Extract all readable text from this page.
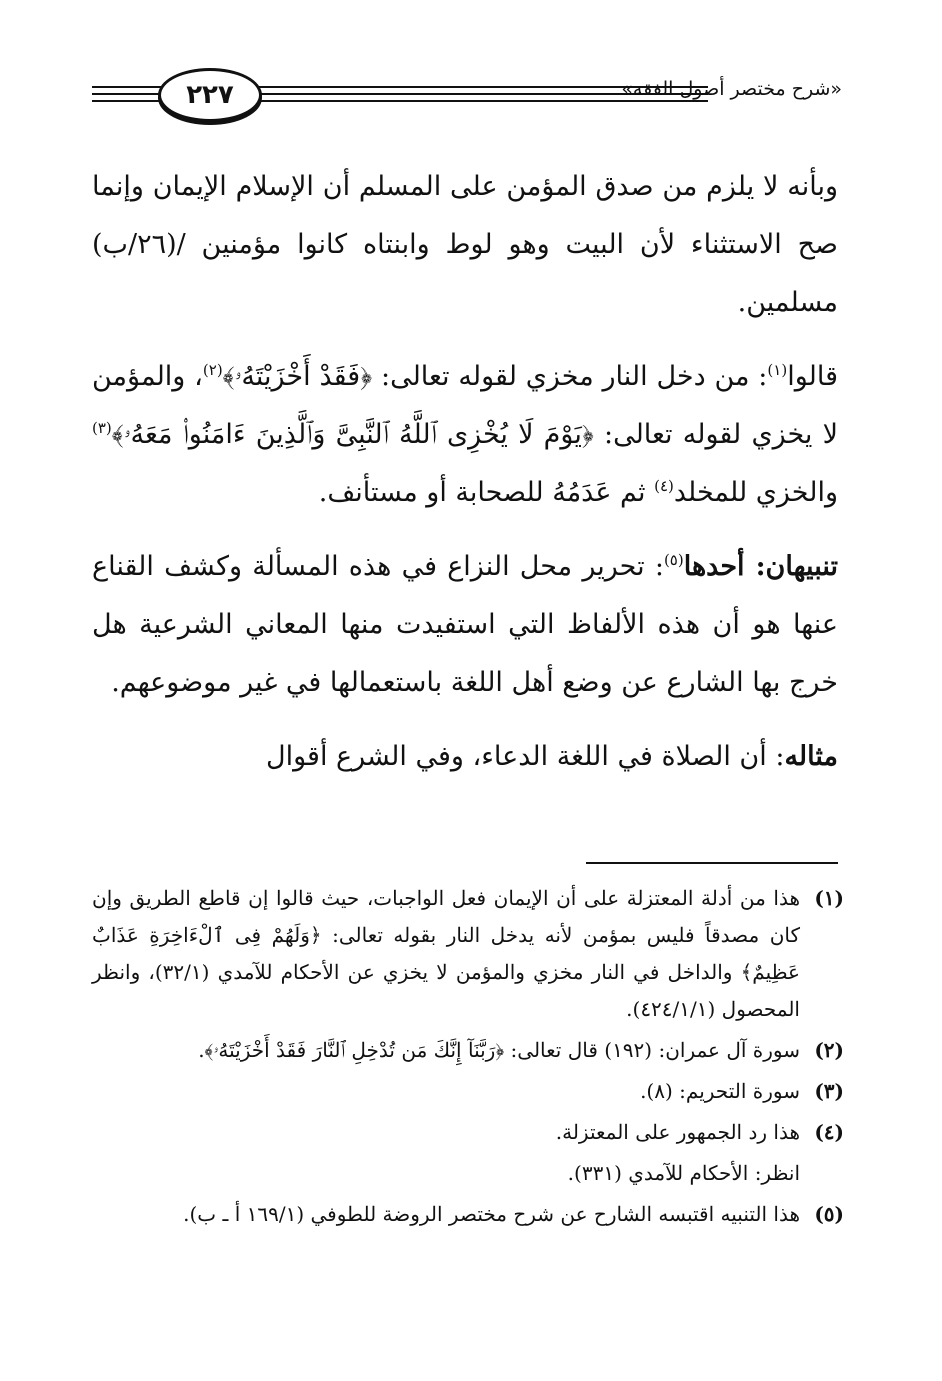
٢٢٧	«شرح مختصر أصول الفقه»

وبأنه لا يلزم من صدق المؤمن على المسلم أن الإسلام الإيمان وإنما صح الاستثناء لأن البيت وهو لوط وابنتاه كانوا مؤمنين /(٢٦/ب) مسلمين.

قالوا$^{(١)}$: من دخل النار مخزي لقوله تعالى: ﴿فَقَدْ أَخْزَيْتَهُۥ﴾$^{(٢)}$، والمؤمن لا يخزي لقوله تعالى: ﴿يَوْمَ لَا يُخْزِى ٱللَّهُ ٱلنَّبِىَّ وَٱلَّذِينَ ءَامَنُوا۟ مَعَهُۥ﴾$^{(٣)}$ والخزي للمخلد$^{(٤)}$ ثم عَدَمُهُ للصحابة أو مستأنف.

تنبيهان: أحدها$^{(٥)}$: تحرير محل النزاع في هذه المسألة وكشف القناع عنها هو أن هذه الألفاظ التي استفيدت منها المعاني الشرعية هل خرج بها الشارع عن وضع أهل اللغة باستعمالها في غير موضوعهم.

مثاله: أن الصلاة في اللغة الدعاء، وفي الشرع أقوال

(١)
هذا من أدلة المعتزلة على أن الإيمان فعل الواجبات، حيث قالوا إن قاطع الطريق وإن كان مصدقاً فليس بمؤمن لأنه يدخل النار بقوله تعالى: ﴿وَلَهُمْ فِى ٱلْءَاخِرَةِ عَذَابٌ عَظِيمٌ﴾ والداخل في النار مخزي والمؤمن لا يخزي عن الأحكام للآمدي (٣٢/١)، وانظر المحصول (٤٢٤/١/١).
(٢)
سورة آل عمران: (١٩٢) قال تعالى: ﴿رَبَّنَآ إِنَّكَ مَن تُدْخِلِ ٱلنَّارَ فَقَدْ أَخْزَيْتَهُۥ﴾.
(٣)
سورة التحريم: (٨).
(٤)
هذا رد الجمهور على المعتزلة.
انظر: الأحكام للآمدي (٣٣١).
(٥)
هذا التنبيه اقتبسه الشارح عن شرح مختصر الروضة للطوفي (١٦٩/١ أ ـ ب).
